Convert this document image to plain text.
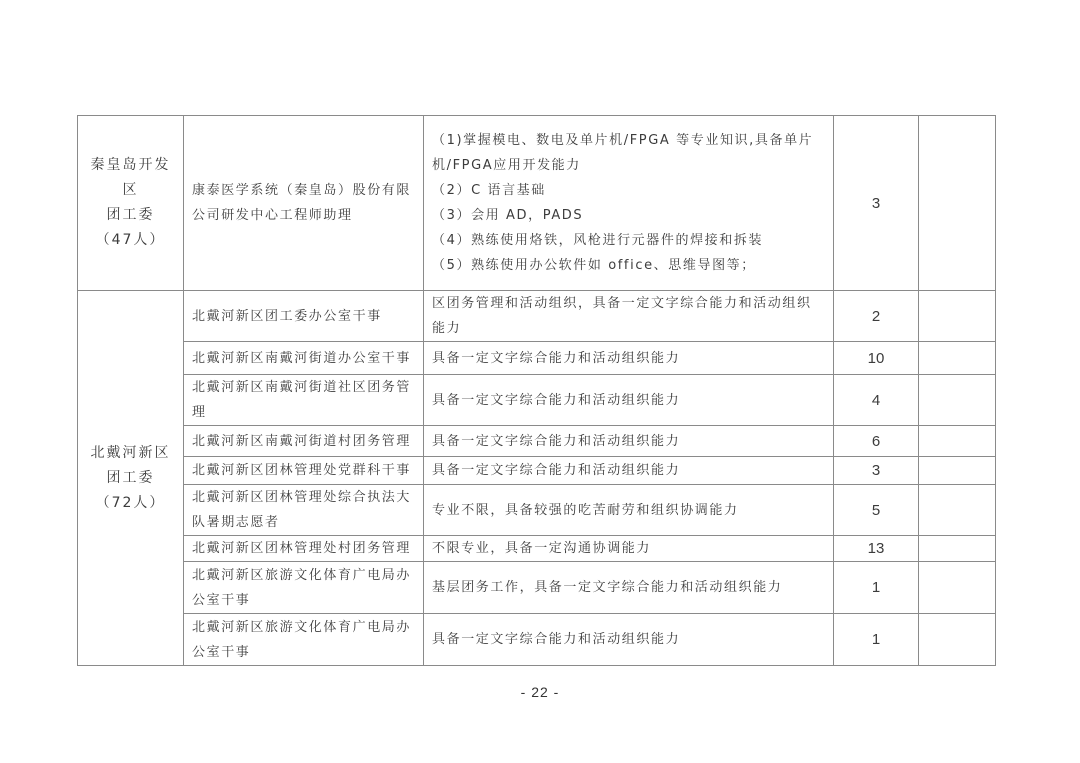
秦皇岛开发区
团工委
（47人）	康泰医学系统（秦皇岛）股份有限公司研发中心工程师助理	（1)掌握模电、数电及单片机/FPGA 等专业知识,具备单片机/FPGA应用开发能力
（2）C 语言基础
（3）会用 AD，PADS
（4）熟练使用烙铁，风枪进行元器件的焊接和拆装
（5）熟练使用办公软件如 office、思维导图等；	3	

北戴河新区
团工委
（72人）	北戴河新区团工委办公室干事	区团务管理和活动组织，具备一定文字综合能力和活动组织能力	2	
	北戴河新区南戴河街道办公室干事	具备一定文字综合能力和活动组织能力	10	
	北戴河新区南戴河街道社区团务管理	具备一定文字综合能力和活动组织能力	4	
	北戴河新区南戴河街道村团务管理	具备一定文字综合能力和活动组织能力	6	
	北戴河新区团林管理处党群科干事	具备一定文字综合能力和活动组织能力	3	
	北戴河新区团林管理处综合执法大队暑期志愿者	专业不限，具备较强的吃苦耐劳和组织协调能力	5	
	北戴河新区团林管理处村团务管理	不限专业，具备一定沟通协调能力	13	
	北戴河新区旅游文化体育广电局办公室干事	基层团务工作，具备一定文字综合能力和活动组织能力	1	
	北戴河新区旅游文化体育广电局办公室干事	具备一定文字综合能力和活动组织能力	1	
- 22 -
